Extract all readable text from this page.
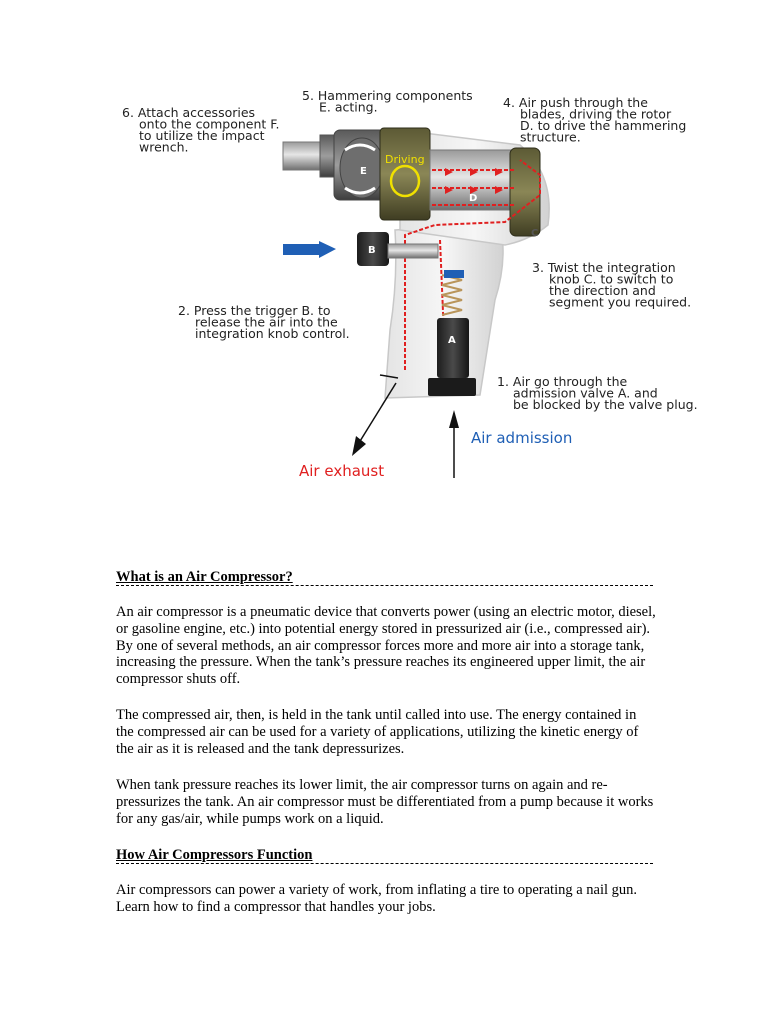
F
E
D
C
B
A
Driving
6. Attach accessories onto the component F. to utilize the impact wrench.
5. Hammering components E. acting.	4. Air push through the blades, driving the rotor D. to drive the hammering structure.
3. Twist the integration knob C. to switch to the direction and segment you required.
2. Press the trigger B. to release the air into the integration knob control.
1. Air go through the admission valve A. and be blocked by the valve plug.
Air admission
Air exhaust
What is an Air Compressor?

An air compressor is a pneumatic device that converts power (using an electric motor, diesel, or gasoline engine, etc.) into potential energy stored in pressurized air (i.e., compressed air). By one of several methods, an air compressor forces more and more air into a storage tank, increasing the pressure. When the tank’s pressure reaches its engineered upper limit, the air compressor shuts off.

The compressed air, then, is held in the tank until called into use. The energy contained in the compressed air can be used for a variety of applications, utilizing the kinetic energy of the air as it is released and the tank depressurizes.

When tank pressure reaches its lower limit, the air compressor turns on again and re-pressurizes the tank. An air compressor must be differentiated from a pump because it works for any gas/air, while pumps work on a liquid.

How Air Compressors Function

Air compressors can power a variety of work, from inflating a tire to operating a nail gun. Learn how to find a compressor that handles your jobs.
